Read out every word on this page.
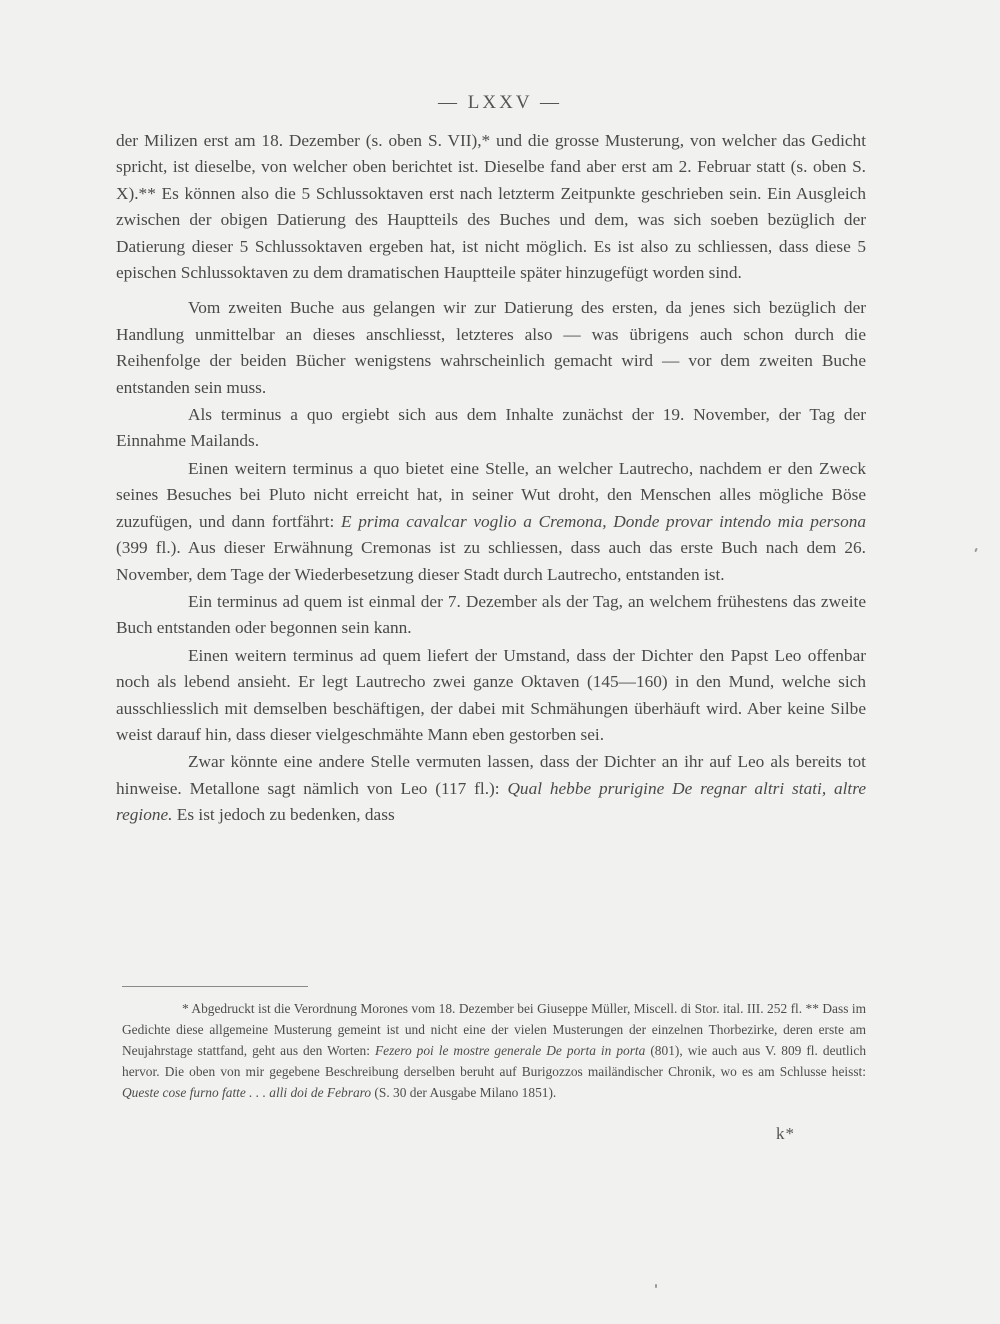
— LXXV —

der Milizen erst am 18. Dezember (s. oben S. VII),* und die grosse Musterung, von welcher das Gedicht spricht, ist dieselbe, von welcher oben berichtet ist. Dieselbe fand aber erst am 2. Februar statt (s. oben S. X).** Es können also die 5 Schlussoktaven erst nach letzterm Zeitpunkte geschrieben sein. Ein Ausgleich zwischen der obigen Datierung des Hauptteils des Buches und dem, was sich soeben bezüglich der Datierung dieser 5 Schlussoktaven ergeben hat, ist nicht möglich. Es ist also zu schliessen, dass diese 5 epischen Schlussoktaven zu dem dramatischen Hauptteile später hinzugefügt worden sind.

Vom zweiten Buche aus gelangen wir zur Datierung des ersten, da jenes sich bezüglich der Handlung unmittelbar an dieses anschliesst, letzteres also — was übrigens auch schon durch die Reihenfolge der beiden Bücher wenigstens wahrscheinlich gemacht wird — vor dem zweiten Buche entstanden sein muss.

Als terminus a quo ergiebt sich aus dem Inhalte zunächst der 19. November, der Tag der Einnahme Mailands.

Einen weitern terminus a quo bietet eine Stelle, an welcher Lautrecho, nachdem er den Zweck seines Besuches bei Pluto nicht erreicht hat, in seiner Wut droht, den Menschen alles mögliche Böse zuzufügen, und dann fortfährt: E prima cavalcar voglio a Cremona, Donde provar intendo mia persona (399 fl.). Aus dieser Erwähnung Cremonas ist zu schliessen, dass auch das erste Buch nach dem 26. November, dem Tage der Wiederbesetzung dieser Stadt durch Lautrecho, entstanden ist.

Ein terminus ad quem ist einmal der 7. Dezember als der Tag, an welchem frühestens das zweite Buch entstanden oder begonnen sein kann.

Einen weitern terminus ad quem liefert der Umstand, dass der Dichter den Papst Leo offenbar noch als lebend ansieht. Er legt Lautrecho zwei ganze Oktaven (145—160) in den Mund, welche sich ausschliesslich mit demselben beschäftigen, der dabei mit Schmähungen überhäuft wird. Aber keine Silbe weist darauf hin, dass dieser vielgeschmähte Mann eben gestorben sei.

Zwar könnte eine andere Stelle vermuten lassen, dass der Dichter an ihr auf Leo als bereits tot hinweise. Metallone sagt nämlich von Leo (117 fl.): Qual hebbe prurigine De regnar altri stati, altre regione. Es ist jedoch zu bedenken, dass

* Abgedruckt ist die Verordnung Morones vom 18. Dezember bei Giuseppe Müller, Miscell. di Stor. ital. III. 252 fl. ** Dass im Gedichte diese allgemeine Musterung gemeint ist und nicht eine der vielen Musterungen der einzelnen Thorbezirke, deren erste am Neujahrstage stattfand, geht aus den Worten: Fezero poi le mostre generale De porta in porta (801), wie auch aus V. 809 fl. deutlich hervor. Die oben von mir gegebene Beschreibung derselben beruht auf Burigozzos mailändischer Chronik, wo es am Schlusse heisst: Queste cose furno fatte . . . alli doi de Febraro (S. 30 der Ausgabe Milano 1851).

k*
